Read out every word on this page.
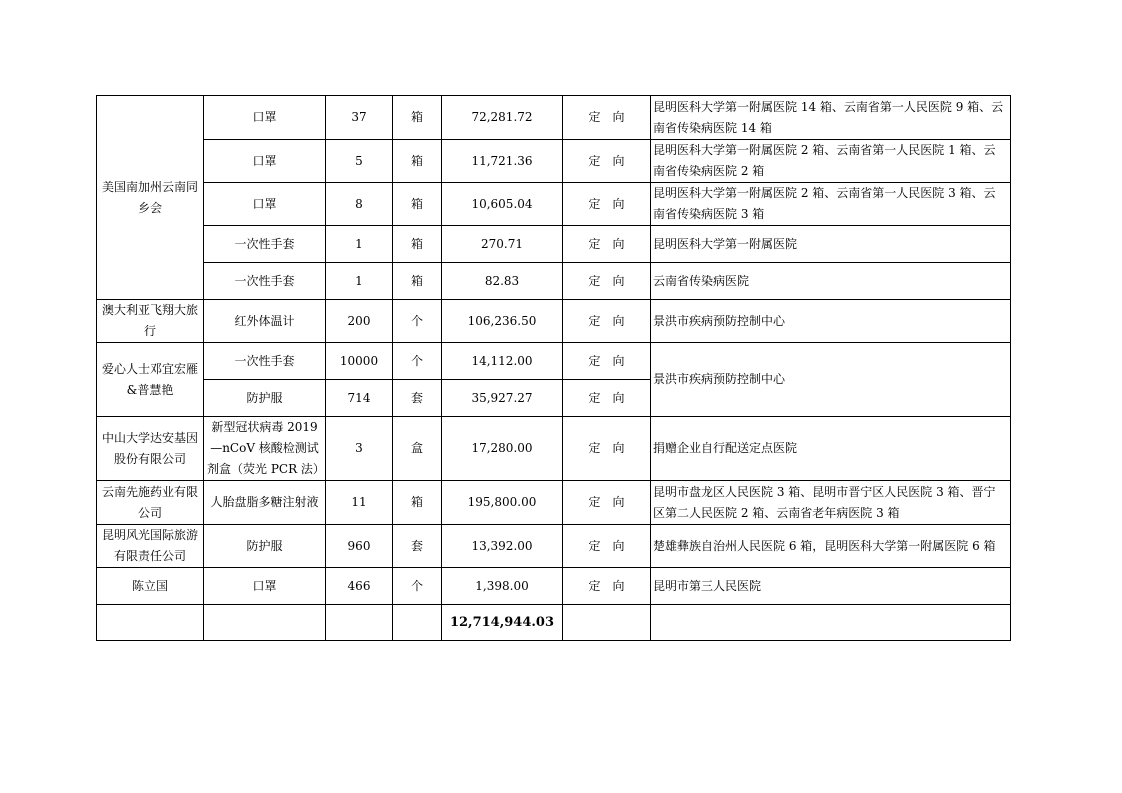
美国南加州云南同乡会	口罩	37	箱	72,281.72	定　向	昆明医科大学第一附属医院 14 箱、云南省第一人民医院 9 箱、云南省传染病医院 14 箱
	口罩	5	箱	11,721.36	定　向	昆明医科大学第一附属医院 2 箱、云南省第一人民医院 1 箱、云南省传染病医院 2 箱
	口罩	8	箱	10,605.04	定　向	昆明医科大学第一附属医院 2 箱、云南省第一人民医院 3 箱、云南省传染病医院 3 箱
	一次性手套	1	箱	270.71	定　向	昆明医科大学第一附属医院
	一次性手套	1	箱	82.83	定　向	云南省传染病医院
澳大利亚飞翔大旅行	红外体温计	200	个	106,236.50	定　向	景洪市疾病预防控制中心
爱心人士邓宜宏雁&普慧艳	一次性手套	10000	个	14,112.00	定　向	景洪市疾病预防控制中心
	防护服	714	套	35,927.27	定　向	
中山大学达安基因股份有限公司	新型冠状病毒 2019—nCoV 核酸检测试剂盒（荧光 PCR 法）	3	盒	17,280.00	定　向	捐赠企业自行配送定点医院
云南先施药业有限公司	人胎盘脂多糖注射液	11	箱	195,800.00	定　向	昆明市盘龙区人民医院 3 箱、昆明市晋宁区人民医院 3 箱、晋宁区第二人民医院 2 箱、云南省老年病医院 3 箱
昆明风光国际旅游有限责任公司	防护服	960	套	13,392.00	定　向	楚雄彝族自治州人民医院 6 箱，昆明医科大学第一附属医院 6 箱
陈立国	口罩	466	个	1,398.00	定　向	昆明市第三人民医院
				12,714,944.03		
